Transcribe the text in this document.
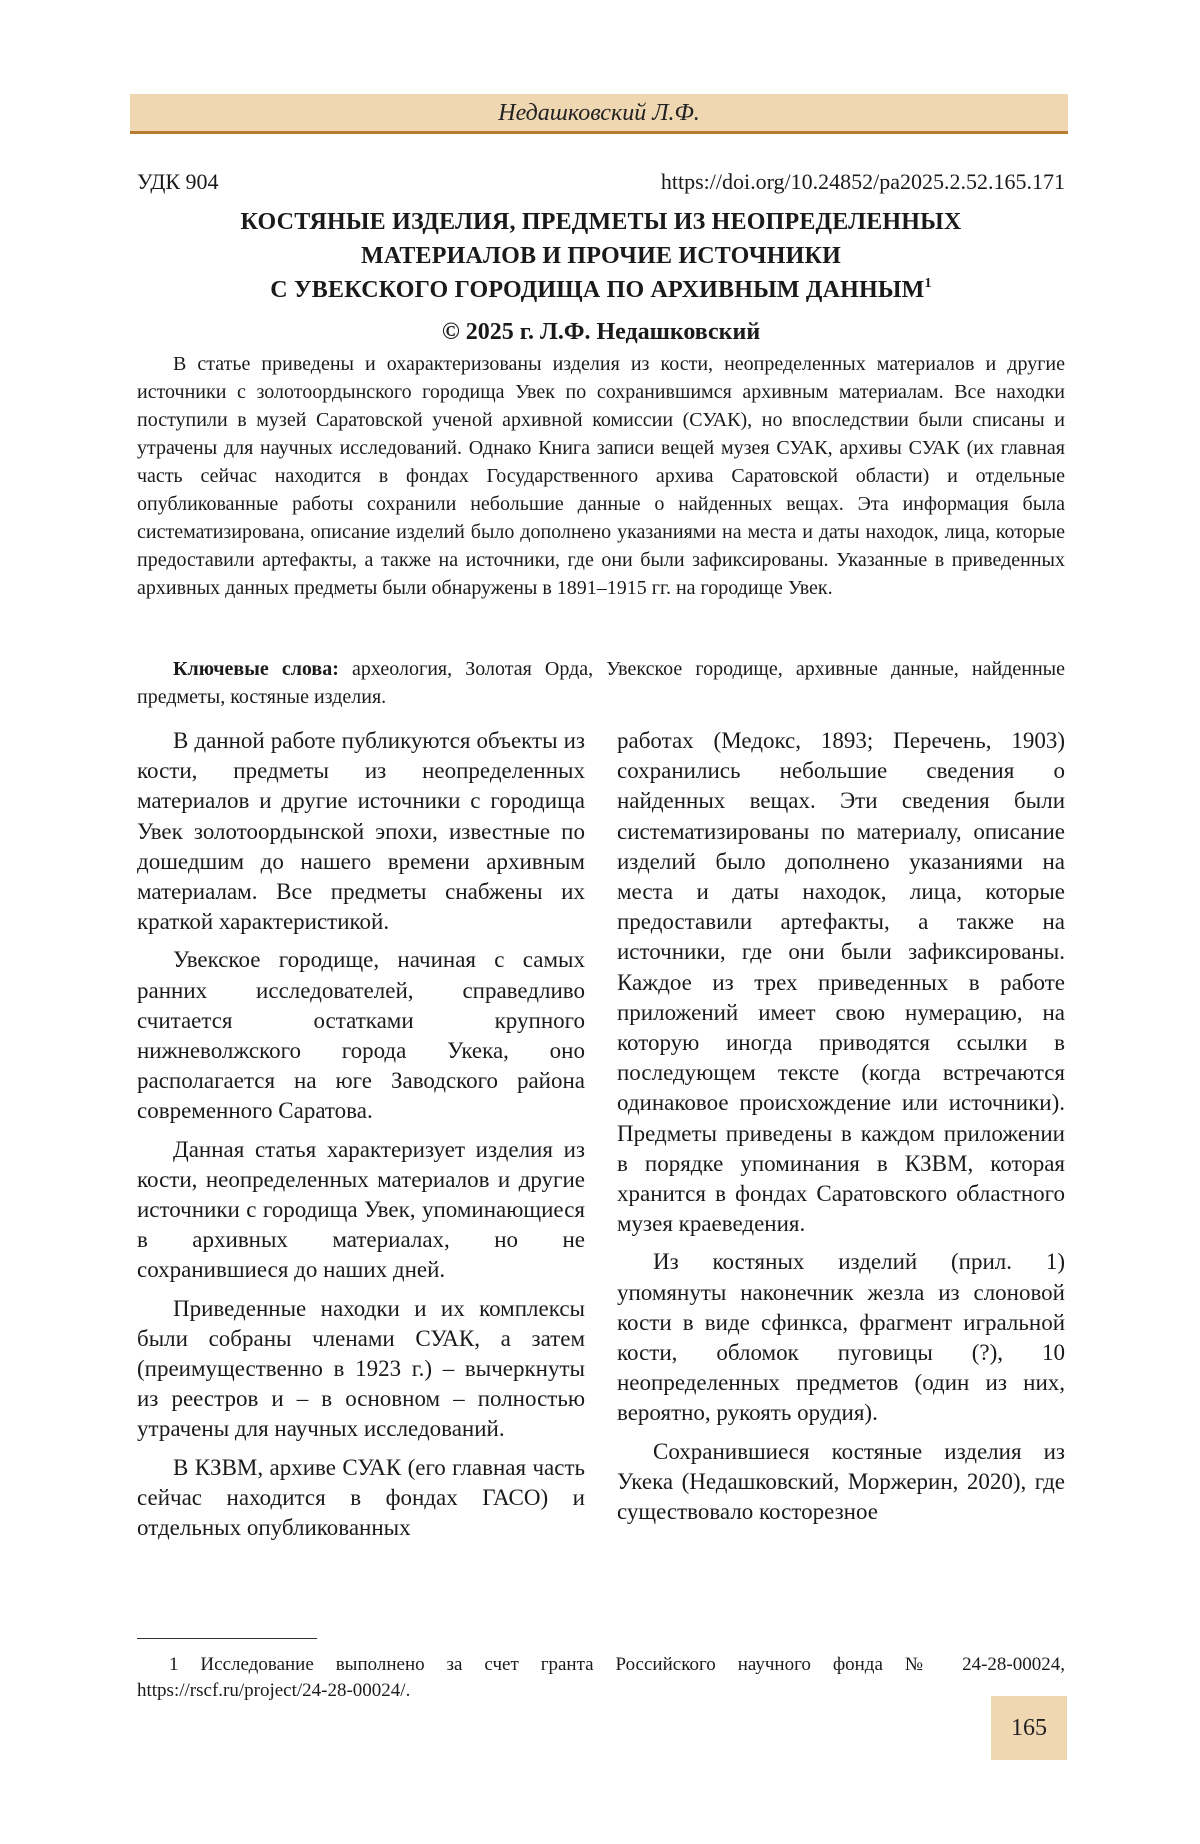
Недашковский Л.Ф.
УДК 904	https://doi.org/10.24852/pa2025.2.52.165.171
КОСТЯНЫЕ ИЗДЕЛИЯ, ПРЕДМЕТЫ ИЗ НЕОПРЕДЕЛЕННЫХ
МАТЕРИАЛОВ И ПРОЧИЕ ИСТОЧНИКИ
С УВЕКСКОГО ГОРОДИЩА ПО АРХИВНЫМ ДАННЫМ$^1$
© 2025 г. Л.Ф. Недашковский

В статье приведены и охарактеризованы изделия из кости, неопределенных материалов и другие источники с золотоордынского городища Увек по сохранившимся архивным материалам. Все находки поступили в музей Саратовской ученой архивной комиссии (СУАК), но впоследствии были списаны и утрачены для научных исследований. Однако Книга записи вещей музея СУАК, архивы СУАК (их главная часть сейчас находится в фондах Государственного архива Саратовской области) и отдельные опубликованные работы сохранили небольшие данные о найденных вещах. Эта информация была систематизирована, описание изделий было дополнено указаниями на места и даты находок, лица, которые предоставили артефакты, а также на источники, где они были зафиксированы. Указанные в приведенных архивных данных предметы были обнаружены в 1891–1915 гг. на городище Увек.

Ключевые слова: археология, Золотая Орда, Увекское городище, архивные данные, найденные предметы, костяные изделия.

В данной работе публикуются объекты из кости, предметы из неопределенных материалов и другие источники с городища Увек золотоордынской эпохи, известные по дошедшим до нашего времени архивным материалам. Все предметы снабжены их краткой характеристикой.

Увекское городище, начиная с самых ранних исследователей, справедливо считается остатками крупного нижневолжского города Укека, оно располагается на юге Заводского района современного Саратова.

Данная статья характеризует изделия из кости, неопределенных материалов и другие источники с городища Увек, упоминающиеся в архивных материалах, но не сохранившиеся до наших дней.

Приведенные находки и их комплексы были собраны членами СУАК, а затем (преимущественно в 1923 г.) – вычеркнуты из реестров и – в основном – полностью утрачены для научных исследований.

В КЗВМ, архиве СУАК (его главная часть сейчас находится в фондах ГАСО) и отдельных опубликованных

работах (Медокс, 1893; Перечень, 1903) сохранились небольшие сведения о найденных вещах. Эти сведения были систематизированы по материалу, описание изделий было дополнено указаниями на места и даты находок, лица, которые предоставили артефакты, а также на источники, где они были зафиксированы. Каждое из трех приведенных в работе приложений имеет свою нумерацию, на которую иногда приводятся ссылки в последующем тексте (когда встречаются одинаковое происхождение или источники). Предметы приведены в каждом приложении в порядке упоминания в КЗВМ, которая хранится в фондах Саратовского областного музея краеведения.

Из костяных изделий (прил. 1) упомянуты наконечник жезла из слоновой кости в виде сфинкса, фрагмент игральной кости, обломок пуговицы (?), 10 неопределенных предметов (один из них, вероятно, рукоять орудия).

Сохранившиеся костяные изделия из Укека (Недашковский, Моржерин, 2020), где существовало косторезное

1 Исследование выполнено за счет гранта Российского научного фонда № 24-28-00024, https://rscf.ru/project/24-28-00024/.

165
